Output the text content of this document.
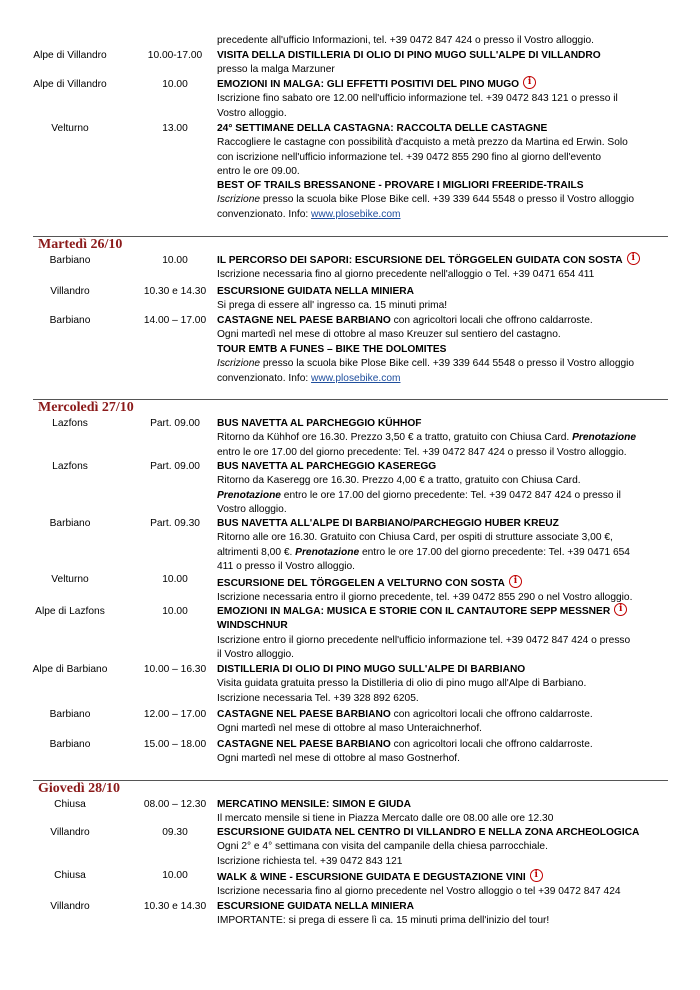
precedente all'ufficio Informazioni, tel. +39 0472 847 424 o presso il Vostro alloggio.
Alpe di Villandro	10.00-17.00	VISITA DELLA DISTILLERIA DI OLIO DI PINO MUGO SULL'ALPE DI VILLANDRO
presso la malga Marzuner
Alpe di Villandro	10.00	EMOZIONI IN MALGA: GLI EFFETTI POSITIVI DEL PINO MUGO i
Iscrizione fino sabato ore 12.00 nell'ufficio informazione tel. +39 0472 843 121 o presso il
Vostro alloggio.
Velturno	13.00	24° SETTIMANE DELLA CASTAGNA: RACCOLTA DELLE CASTAGNE
Raccogliere le castagne con possibilità d'acquisto a metà prezzo da Martina ed Erwin. Solo
con iscrizione nell'ufficio informazione tel. +39 0472 855 290 fino al giorno dell'evento
entro le ore 09.00.
BEST OF TRAILS BRESSANONE - PROVARE I MIGLIORI FREERIDE-TRAILS
Iscrizione presso la scuola bike Plose Bike cell. +39 339 644 5548 o presso il Vostro alloggio
convenzionato. Info: www.plosebike.com
Martedì 26/10
Barbiano	10.00	IL PERCORSO DEI SAPORI: ESCURSIONE DEL TÖRGGELEN GUIDATA CON SOSTA i
Iscrizione necessaria fino al giorno precedente nell'alloggio o Tel. +39 0471 654 411
Villandro	10.30 e 14.30	ESCURSIONE GUIDATA NELLA MINIERA
Si prega di essere all' ingresso ca. 15 minuti prima!
Barbiano	14.00 – 17.00	CASTAGNE NEL PAESE BARBIANO con agricoltori locali che offrono caldarroste.
Ogni martedì nel mese di ottobre al maso Kreuzer sul sentiero del castagno.
TOUR EMTB A FUNES – BIKE THE DOLOMITES
Iscrizione presso la scuola bike Plose Bike cell. +39 339 644 5548 o presso il Vostro alloggio
convenzionato. Info: www.plosebike.com
Mercoledì 27/10
Lazfons	Part. 09.00	BUS NAVETTA AL PARCHEGGIO KÜHHOF
Ritorno da Kühhof ore 16.30. Prezzo 3,50 € a tratto, gratuito con Chiusa Card. Prenotazione
entro le ore 17.00 del giorno precedente: Tel. +39 0472 847 424 o presso il Vostro alloggio.
Lazfons	Part. 09.00	BUS NAVETTA AL PARCHEGGIO KASEREGG
Ritorno da Kaseregg ore 16.30. Prezzo 4,00 € a tratto, gratuito con Chiusa Card.
Prenotazione entro le ore 17.00 del giorno precedente: Tel. +39 0472 847 424 o presso il
Vostro alloggio.
Barbiano	Part. 09.30	BUS NAVETTA ALL'ALPE DI BARBIANO/PARCHEGGIO HUBER KREUZ
Ritorno alle ore 16.30. Gratuito con Chiusa Card, per ospiti di strutture associate 3,00 €,
altrimenti 8,00 €. Prenotazione entro le ore 17.00 del giorno precedente: Tel. +39 0471 654
411 o presso il Vostro alloggio.
Velturno	10.00	ESCURSIONE DEL TÖRGGELEN A VELTURNO CON SOSTA i
Iscrizione necessaria entro il giorno precedente, tel. +39 0472 855 290 o nel Vostro alloggio.
Alpe di Lazfons	10.00	EMOZIONI IN MALGA: MUSICA E STORIE CON IL CANTAUTORE SEPP MESSNER i
WINDSCHNUR
Iscrizione entro il giorno precedente nell'ufficio informazione tel. +39 0472 847 424 o presso
il Vostro alloggio.
Alpe di Barbiano	10.00 – 16.30	DISTILLERIA DI OLIO DI PINO MUGO SULL'ALPE DI BARBIANO
Visita guidata gratuita presso la Distilleria di olio di pino mugo all'Alpe di Barbiano.
Iscrizione necessaria Tel. +39 328 892 6205.
Barbiano	12.00 – 17.00	CASTAGNE NEL PAESE BARBIANO con agricoltori locali che offrono caldarroste.
Ogni martedì nel mese di ottobre al maso Unteraichnerhof.
Barbiano	15.00 – 18.00	CASTAGNE NEL PAESE BARBIANO con agricoltori locali che offrono caldarroste.
Ogni martedì nel mese di ottobre al maso Gostnerhof.
Giovedì 28/10
Chiusa	08.00 – 12.30	MERCATINO MENSILE: SIMON E GIUDA
Il mercato mensile si tiene in Piazza Mercato dalle ore 08.00 alle ore 12.30
Villandro	09.30	ESCURSIONE GUIDATA NEL CENTRO DI VILLANDRO E NELLA ZONA ARCHEOLOGICA
Ogni 2° e 4° settimana con visita del campanile della chiesa parrocchiale.
Iscrizione richiesta tel. +39 0472 843 121
Chiusa	10.00	WALK & WINE - ESCURSIONE GUIDATA E DEGUSTAZIONE VINI i
Iscrizione necessaria fino al giorno precedente nel Vostro alloggio o tel +39 0472 847 424
Villandro	10.30 e 14.30	ESCURSIONE GUIDATA NELLA MINIERA
IMPORTANTE: si prega di essere lì ca. 15 minuti prima dell'inizio del tour!
